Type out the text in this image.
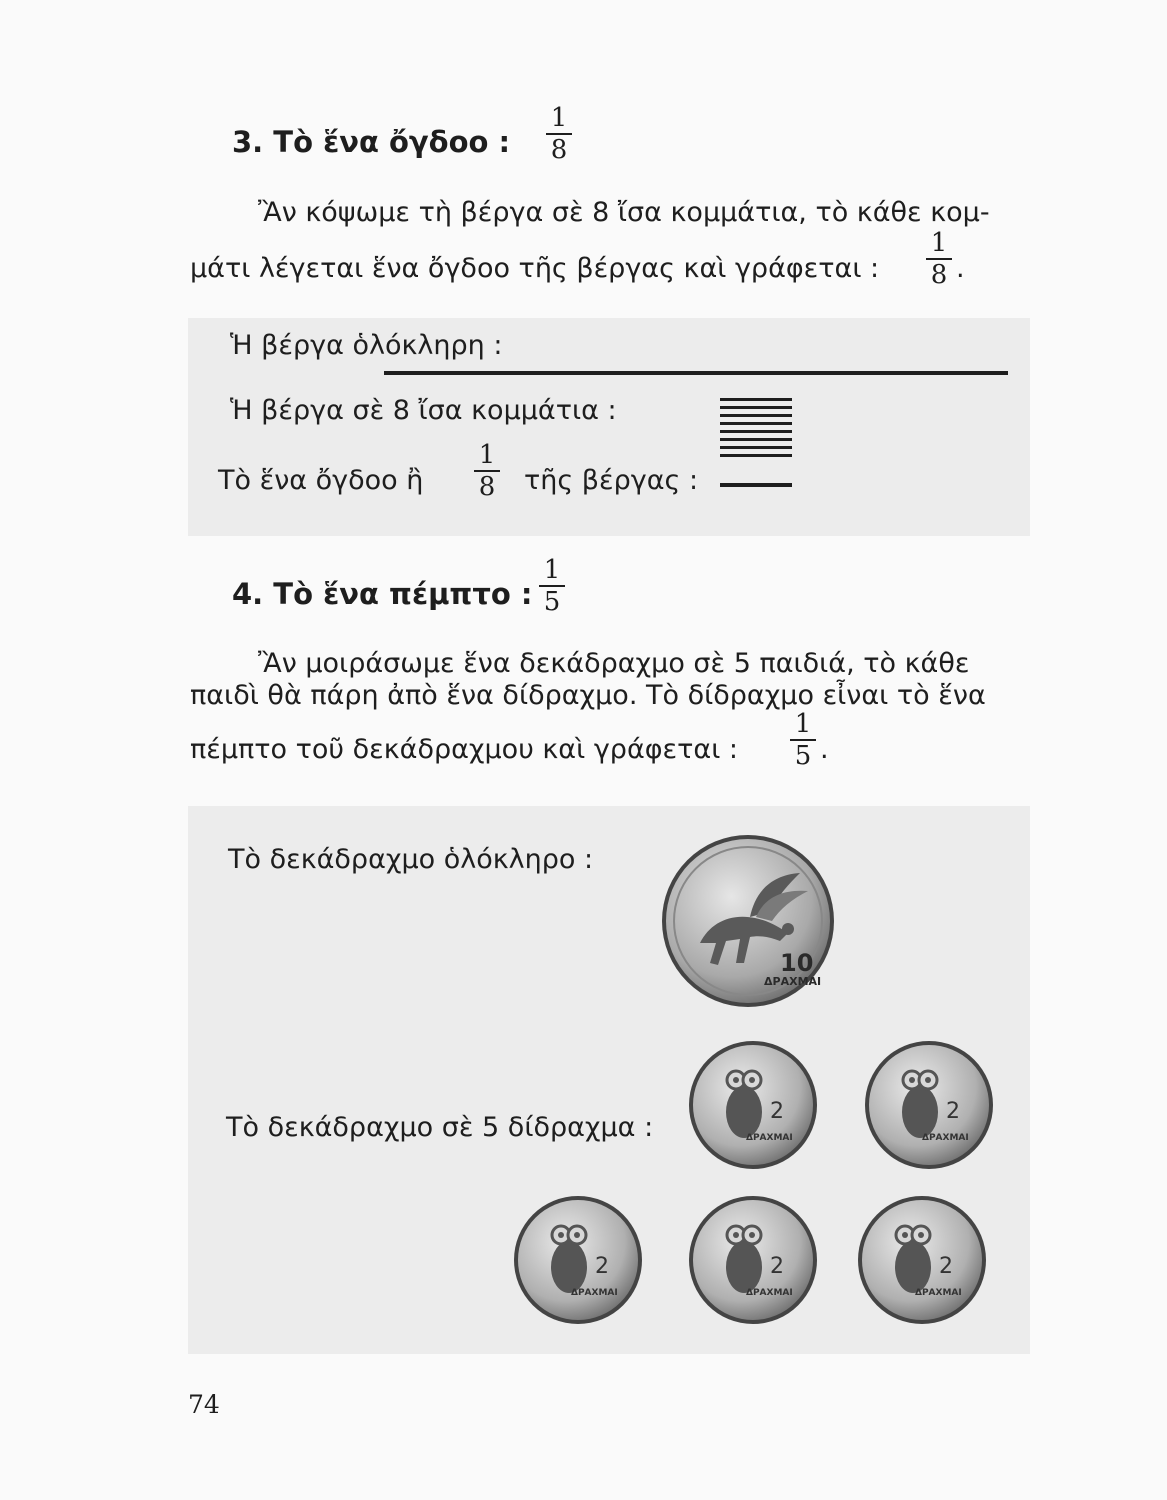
3. Τὸ ἕνα ὄγδοο :
1
8
Ἂν κόψωμε τὴ βέργα σὲ 8 ἴσα κομμάτια, τὸ κάθε κομ-
μάτι λέγεται ἕνα ὄγδοο τῆς βέργας καὶ γράφεται :
1
8 .
Ἡ βέργα ὁλόκληρη :
Ἡ βέργα σὲ 8 ἴσα κομμάτια :
Τὸ ἕνα ὄγδοο ἢ
1
8 τῆς βέργας :
4. Τὸ ἕνα πέμπτο :
1
5
Ἂν μοιράσωμε ἕνα δεκάδραχμο σὲ 5 παιδιά, τὸ κάθε
παιδὶ θὰ πάρη ἀπὸ ἕνα δίδραχμο. Τὸ δίδραχμο εἶναι τὸ ἕνα
πέμπτο τοῦ δεκάδραχμου καὶ γράφεται :
1
5 .
Τὸ δεκάδραχμο ὁλόκληρο :
Τὸ δεκάδραχμο σὲ 5 δίδραχμα :
10
ΔΡΑΧΜΑΙ
2
ΔΡΑΧΜΑΙ
2
ΔΡΑΧΜΑΙ
2
ΔΡΑΧΜΑΙ
2
ΔΡΑΧΜΑΙ
2
ΔΡΑΧΜΑΙ
74
